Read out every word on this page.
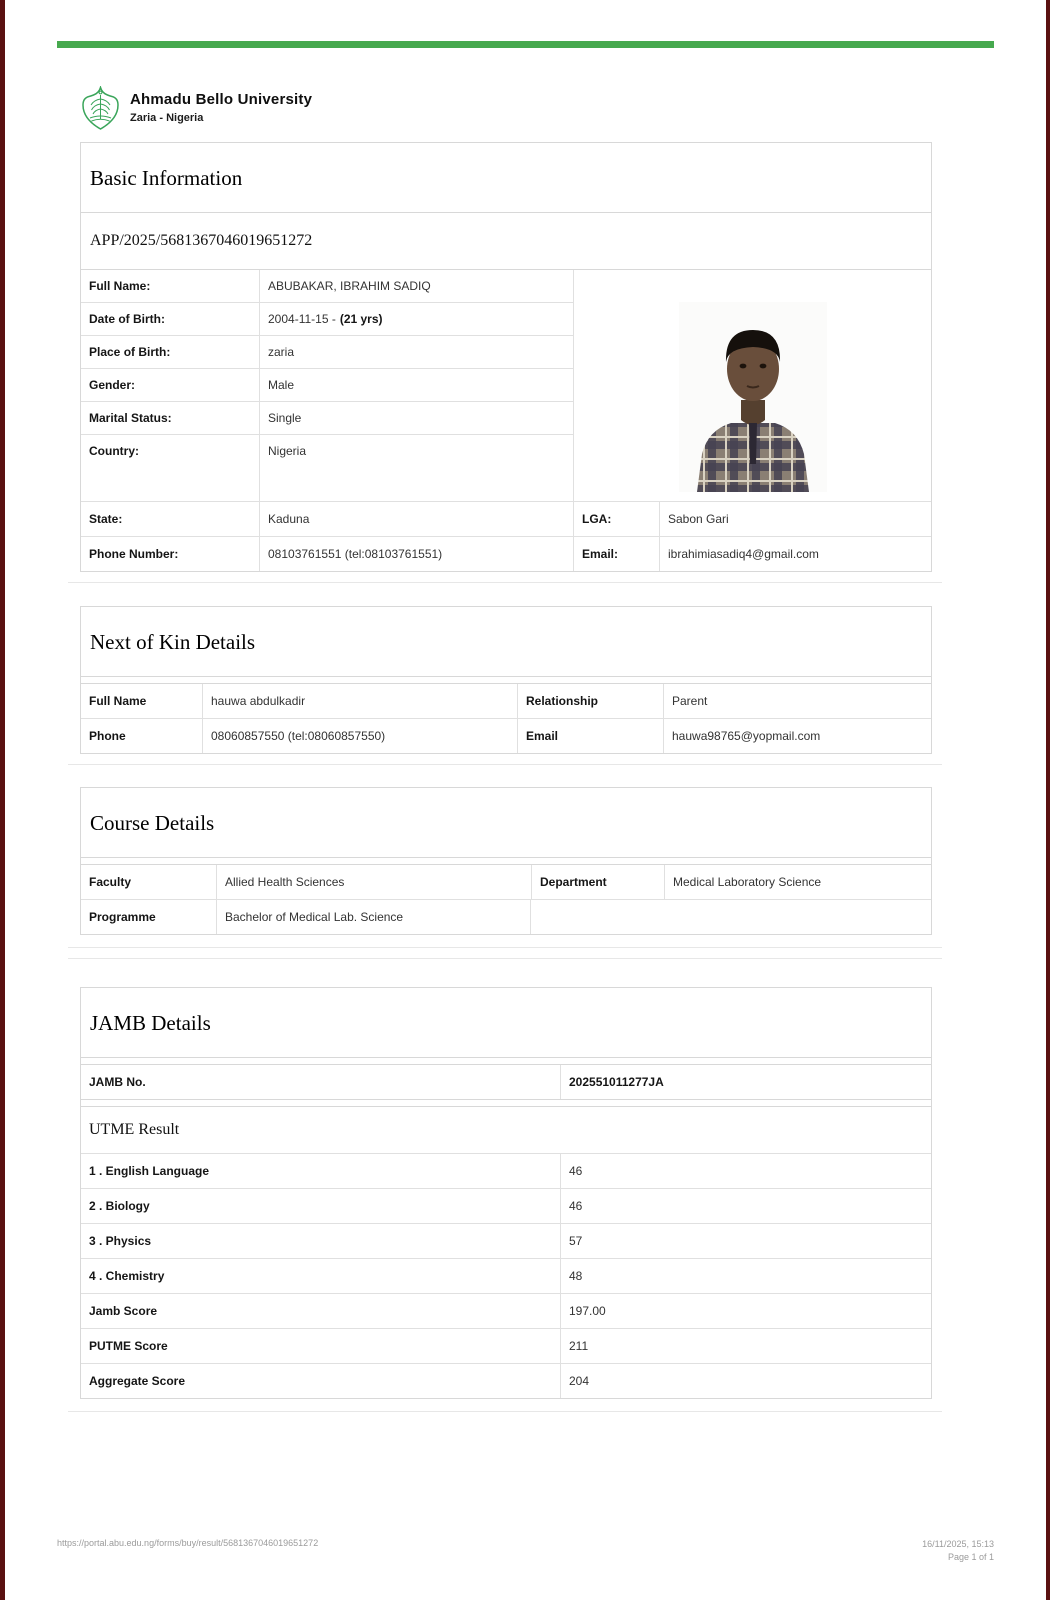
Ahmadu Bello University
Zaria - Nigeria
Basic Information
APP/2025/5681367046019651272
Full Name:	ABUBAKAR, IBRAHIM SADIQ
Date of Birth:	2004-11-15 - (21 yrs)
Place of Birth:	zaria
Gender:	Male
Marital Status:	Single
Country:	Nigeria
State:	Kaduna	LGA:	Sabon Gari
Phone Number:	08103761551 (tel:08103761551)	Email:	ibrahimiasadiq4@gmail.com
Next of Kin Details
Full Name	hauwa abdulkadir	Relationship	Parent
Phone	08060857550 (tel:08060857550)	Email	hauwa98765@yopmail.com
Course Details
Faculty	Allied Health Sciences	Department	Medical Laboratory Science
Programme	Bachelor of Medical Lab. Science
JAMB Details
JAMB No.	202551011277JA
UTME Result
1 . English Language	46
2 . Biology	46
3 . Physics	57
4 . Chemistry	48
Jamb Score	197.00
PUTME Score	211
Aggregate Score	204
https://portal.abu.edu.ng/forms/buy/result/5681367046019651272	16/11/2025, 15:13
Page 1 of 1
